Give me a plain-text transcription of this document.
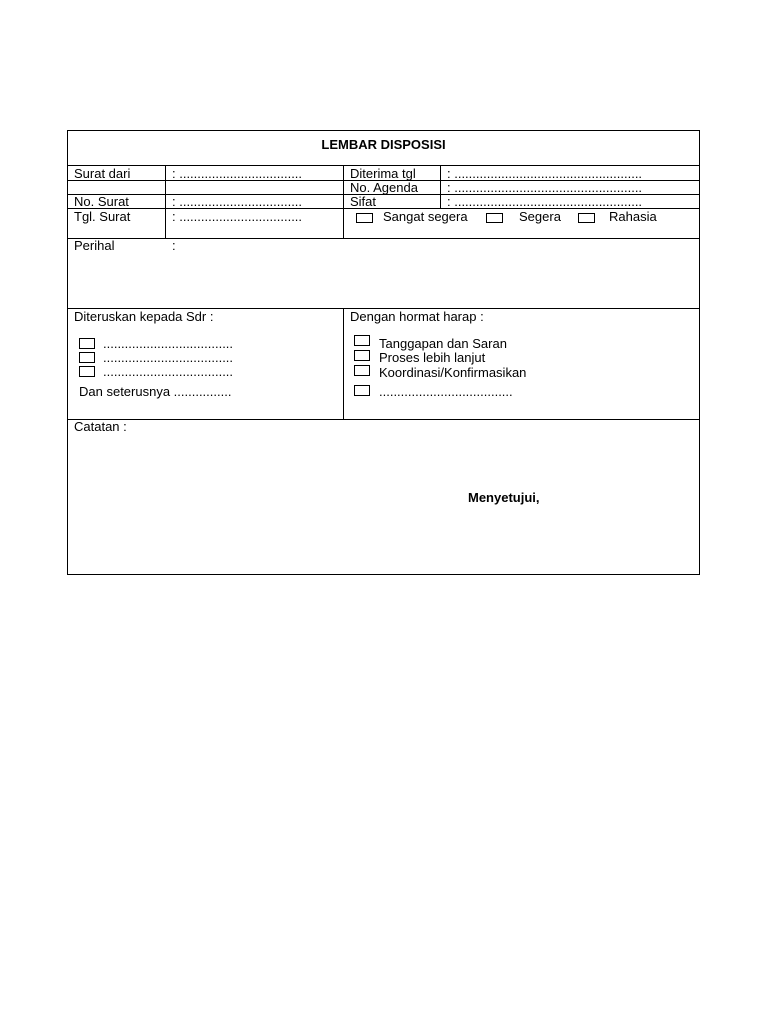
LEMBAR DISPOSISI
Surat dari	: ..................................	Diterima tgl : ....................................................
No. Agenda : ....................................................
No. Surat	: ..................................	Sifat	: ....................................................
Tgl. Surat	: ..................................	Sangat segera	Segera	Rahasia
Perihal	:
Diteruskan kepada Sdr :
....................................
....................................
....................................
Dan seterusnya ................
Dengan hormat harap :
Tanggapan dan Saran
Proses lebih lanjut
Koordinasi/Konfirmasikan
.....................................
Catatan :
Menyetujui,
